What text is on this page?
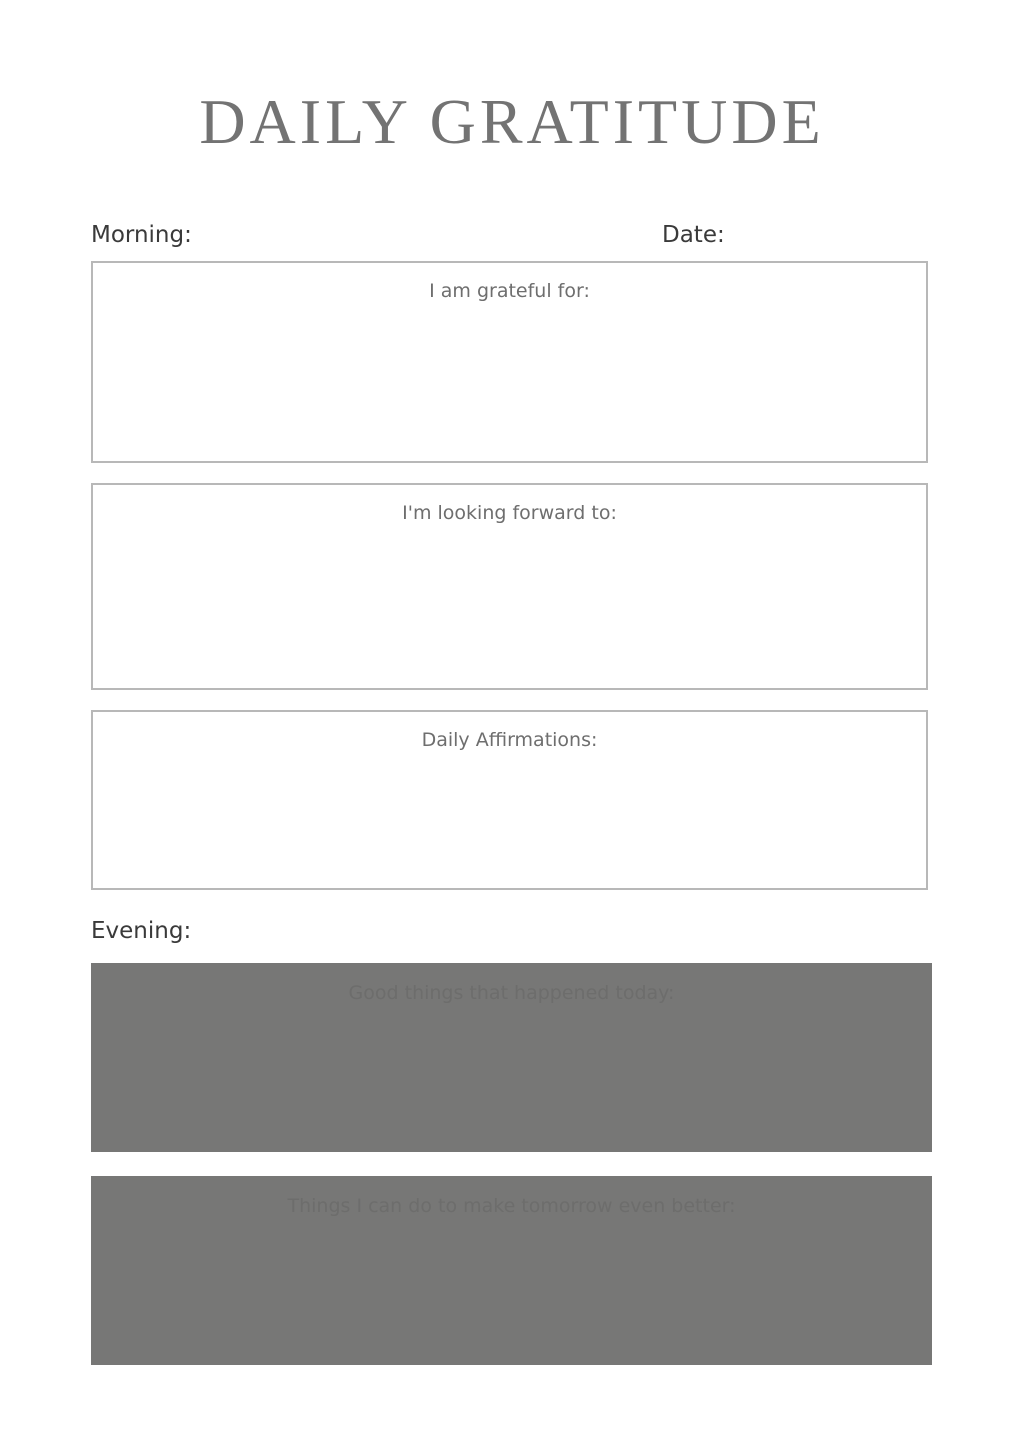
DAILY GRATITUDE
Morning:	Date:
I am grateful for:
I'm looking forward to:
Daily Affirmations:
Evening:
Good things that happened today:
Things I can do to make tomorrow even better:
